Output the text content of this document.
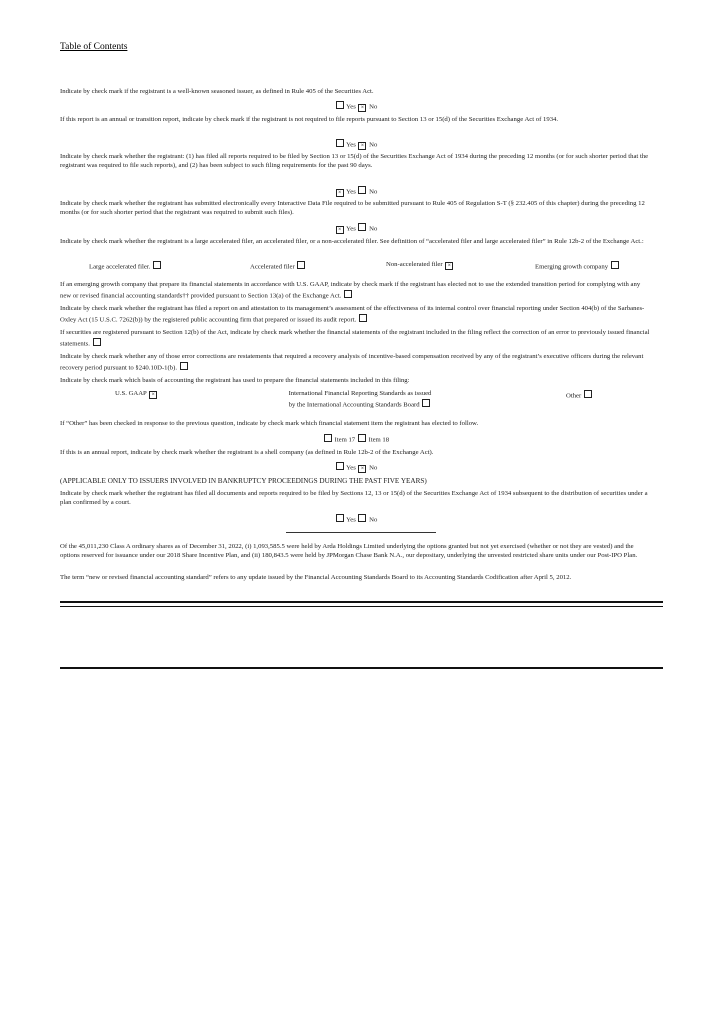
Table of Contents
Indicate by check mark if the registrant is a well-known seasoned issuer, as defined in Rule 405 of the Securities Act.
Yes × No
If this report is an annual or transition report, indicate by check mark if the registrant is not required to file reports pursuant to Section 13 or 15(d) of the Securities Exchange Act of 1934.
Yes × No
Indicate by check mark whether the registrant: (1) has filed all reports required to be filed by Section 13 or 15(d) of the Securities Exchange Act of 1934 during the preceding 12 months (or for such shorter period that the registrant was required to file such reports), and (2) has been subject to such filing requirements for the past 90 days.
× Yes No
Indicate by check mark whether the registrant has submitted electronically every Interactive Data File required to be submitted pursuant to Rule 405 of Regulation S-T (§ 232.405 of this chapter) during the preceding 12 months (or for such shorter period that the registrant was required to submit such files).
× Yes No
Indicate by check mark whether the registrant is a large accelerated filer, an accelerated filer, or a non-accelerated filer. See definition of “accelerated filer and large accelerated filer” in Rule 12b-2 of the Exchange Act.:
Large accelerated filer.	Accelerated filer	Non-accelerated filer ×	Emerging growth company
If an emerging growth company that prepare its financial statements in accordance with U.S. GAAP, indicate by check mark if the registrant has elected not to use the extended transition period for complying with any new or revised financial accounting standards†† provided pursuant to Section 13(a) of the Exchange Act.
Indicate by check mark whether the registrant has filed a report on and attestation to its management’s assessment of the effectiveness of its internal control over financial reporting under Section 404(b) of the Sarbanes-Oxley Act (15 U.S.C. 7262(b)) by the registered public accounting firm that prepared or issued its audit report.
If securities are registered pursuant to Section 12(b) of the Act, indicate by check mark whether the financial statements of the registrant included in the filing reflect the correction of an error to previously issued financial statements.
Indicate by check mark whether any of those error corrections are restatements that required a recovery analysis of incentive-based compensation received by any of the registrant’s executive officers during the relevant recovery period pursuant to §240.10D-1(b).
Indicate by check mark which basis of accounting the registrant has used to prepare the financial statements included in this filing:
U.S. GAAP ×	International Financial Reporting Standards as issued
by the International Accounting Standards Board
Other
If “Other” has been checked in response to the previous question, indicate by check mark which financial statement item the registrant has elected to follow.
Item 17 Item 18
If this is an annual report, indicate by check mark whether the registrant is a shell company (as defined in Rule 12b-2 of the Exchange Act).
Yes × No
(APPLICABLE ONLY TO ISSUERS INVOLVED IN BANKRUPTCY PROCEEDINGS DURING THE PAST FIVE YEARS)
Indicate by check mark whether the registrant has filed all documents and reports required to be filed by Sections 12, 13 or 15(d) of the Securities Exchange Act of 1934 subsequent to the distribution of securities under a plan confirmed by a court.
Yes No
Of the 45,011,230 Class A ordinary shares as of December 31, 2022, (i) 1,093,585.5 were held by Arda Holdings Limited underlying the options granted but not yet exercised (whether or not they are vested) and the options reserved for issuance under our 2018 Share Incentive Plan, and (ii) 180,843.5 were held by JPMorgan Chase Bank N.A., our depositary, underlying the unvested restricted share units under our Post-IPO Plan.
The term “new or revised financial accounting standard” refers to any update issued by the Financial Accounting Standards Board to its Accounting Standards Codification after April 5, 2012.
